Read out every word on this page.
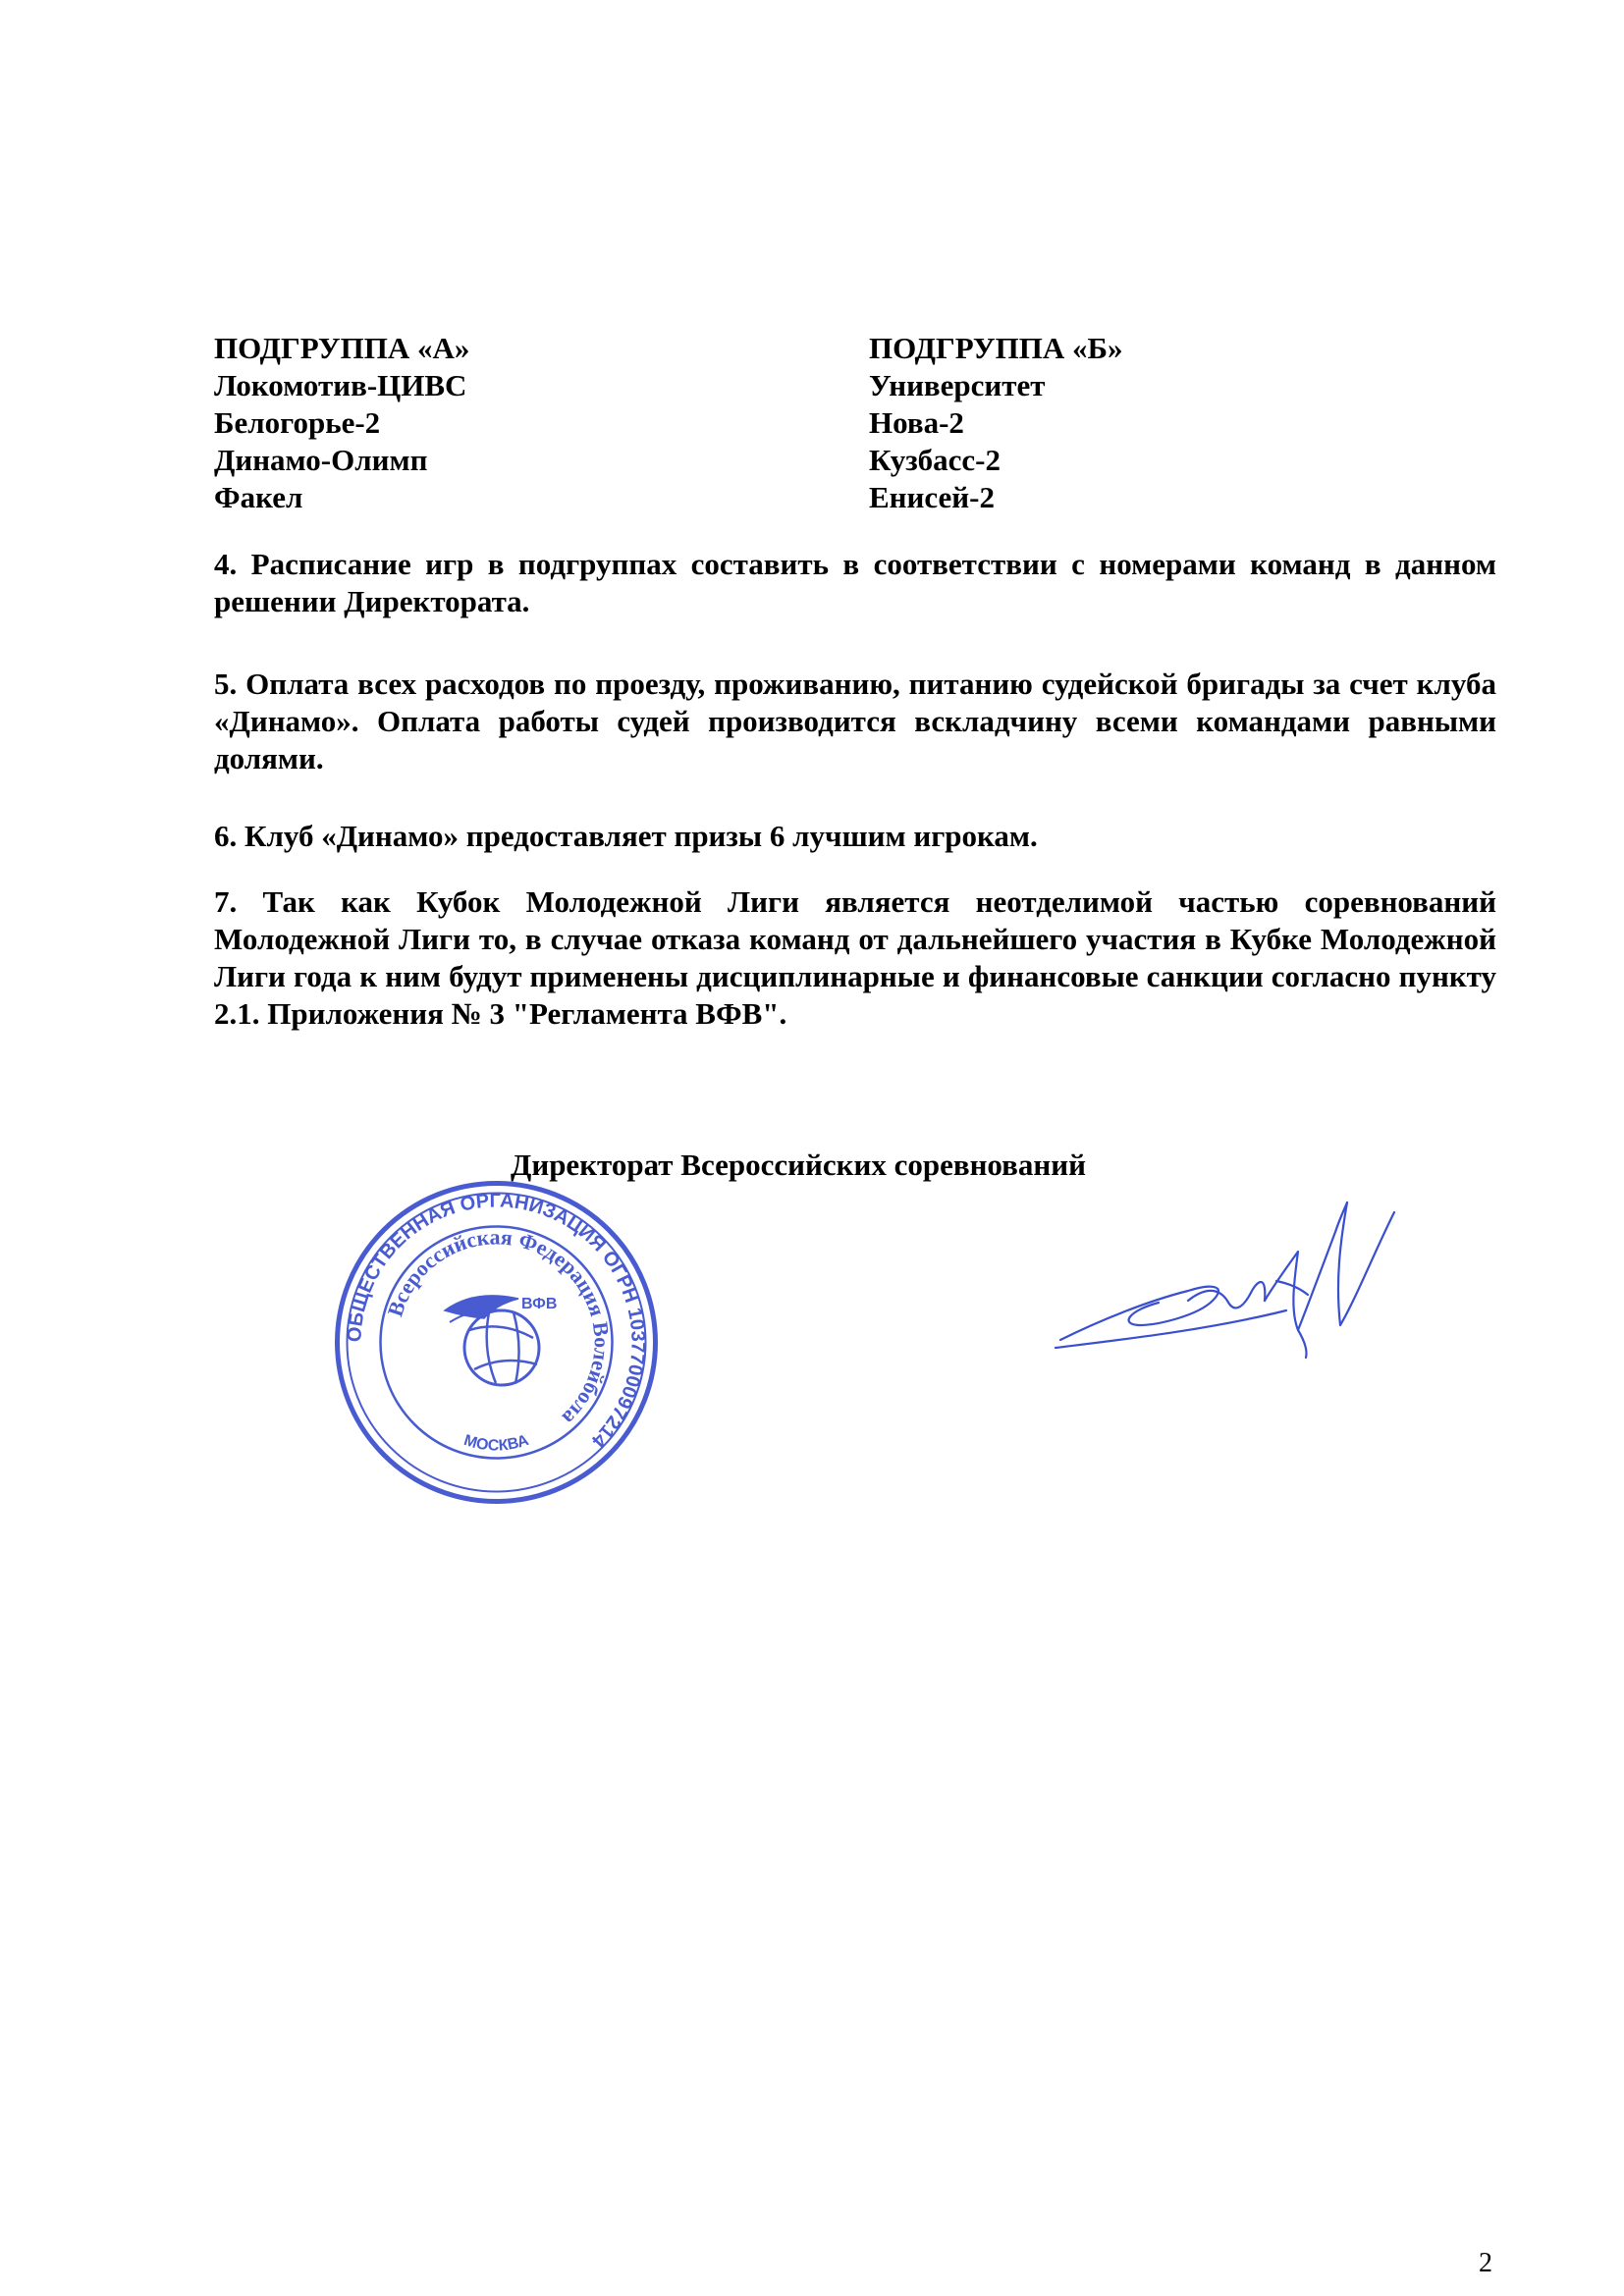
ПОДГРУППА «А»
Локомотив-ЦИВС
Белогорье-2
Динамо-Олимп
Факел
ПОДГРУППА «Б»
Университет
Нова-2
Кузбасс-2
Енисей-2
4. Расписание игр в подгруппах составить в соответствии с номерами команд в данном решении Директората.
5. Оплата всех расходов по проезду, проживанию, питанию судейской бригады за счет клуба «Динамо». Оплата работы судей производится вскладчину всеми командами равными долями.
6. Клуб «Динамо» предоставляет призы 6 лучшим игрокам.
7. Так как Кубок Молодежной Лиги является неотделимой частью соревнований Молодежной Лиги то, в случае отказа команд от дальнейшего участия в Кубке Молодежной Лиги года к ним будут применены дисциплинарные и финансовые санкции согласно пункту 2.1. Приложения № 3 "Регламента ВФВ".
ОБЩЕСТВЕННАЯ ОРГАНИЗАЦИЯ ОГРН 1037700097214
Всероссийская Федерация Волейбола
МОСКВА
ВФВ
Директорат Всероссийских соревнований
2
